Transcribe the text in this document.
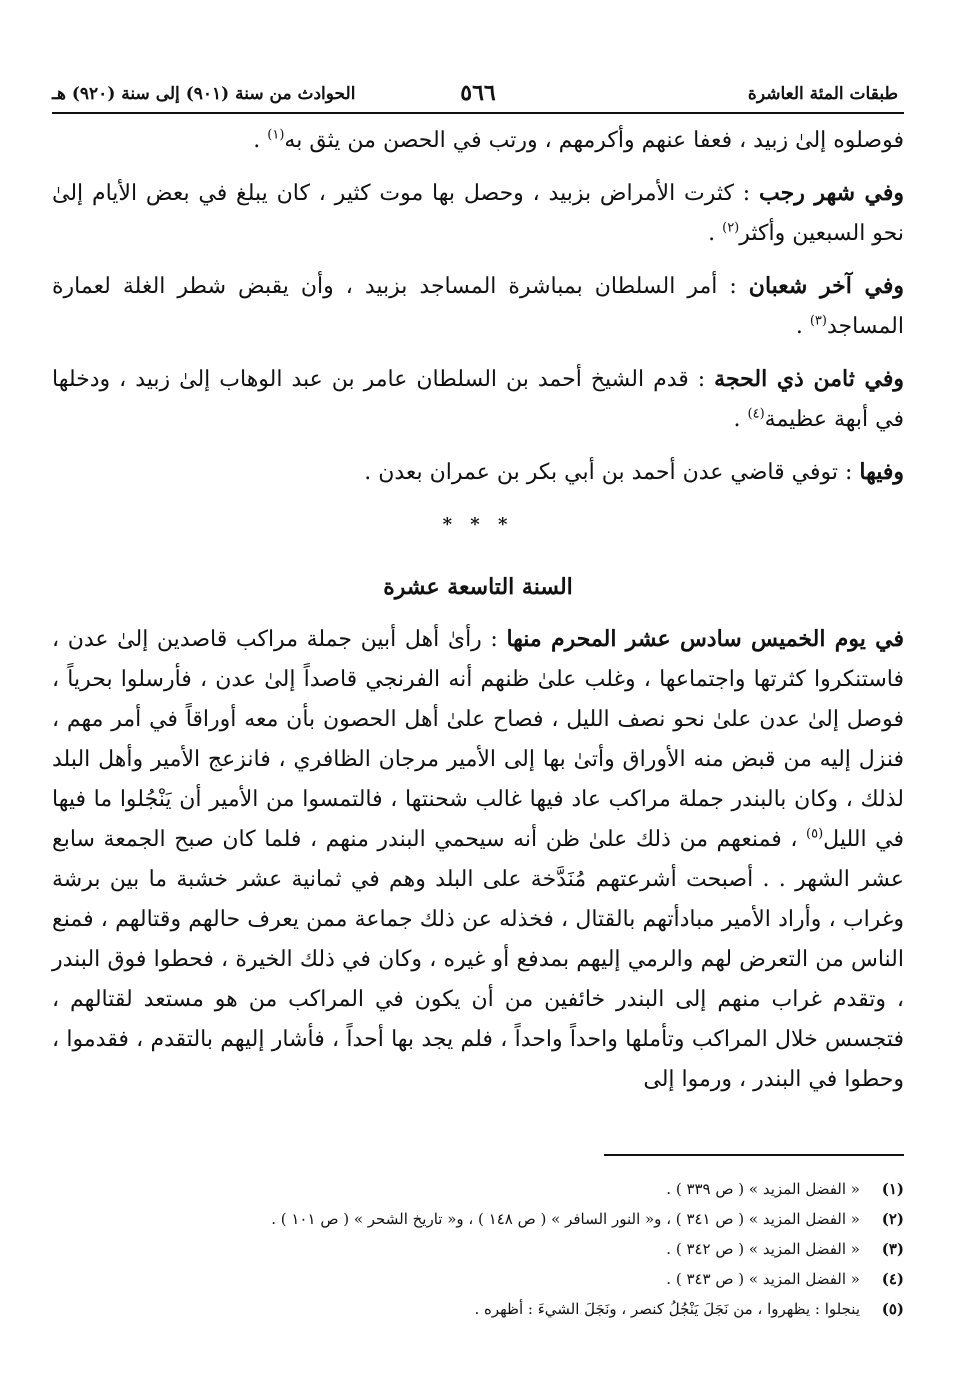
طبقات المئة العاشرة
٥٦٦
الحوادث من سنة (٩٠١) إلى سنة (٩٢٠) هـ

فوصلوه إلىٰ زبيد ، فعفا عنهم وأكرمهم ، ورتب في الحصن من يثق به$^{(١)}$ .

وفي شهر رجب : كثرت الأمراض بزبيد ، وحصل بها موت كثير ، كان يبلغ في بعض الأيام إلىٰ نحو السبعين وأكثر$^{(٢)}$ .

وفي آخر شعبان : أمر السلطان بمباشرة المساجد بزبيد ، وأن يقبض شطر الغلة لعمارة المساجد$^{(٣)}$ .

وفي ثامن ذي الحجة : قدم الشيخ أحمد بن السلطان عامر بن عبد الوهاب إلىٰ زبيد ، ودخلها في أبهة عظيمة$^{(٤)}$ .

وفيها : توفي قاضي عدن أحمد بن أبي بكر بن عمران بعدن .

* * *
السنة التاسعة عشرة

في يوم الخميس سادس عشر المحرم منها : رأىٰ أهل أبين جملة مراكب قاصدين إلىٰ عدن ، فاستنكروا كثرتها واجتماعها ، وغلب علىٰ ظنهم أنه الفرنجي قاصداً إلىٰ عدن ، فأرسلوا بحرياً ، فوصل إلىٰ عدن علىٰ نحو نصف الليل ، فصاح علىٰ أهل الحصون بأن معه أوراقاً في أمر مهم ، فنزل إليه من قبض منه الأوراق وأتىٰ بها إلى الأمير مرجان الظافري ، فانزعج الأمير وأهل البلد لذلك ، وكان بالبندر جملة مراكب عاد فيها غالب شحنتها ، فالتمسوا من الأمير أن يَنْجُلوا ما فيها في الليل$^{(٥)}$ ، فمنعهم من ذلك علىٰ ظن أنه سيحمي البندر منهم ، فلما كان صبح الجمعة سابع عشر الشهر . . أصبحت أشرعتهم مُنَدَّخة على البلد وهم في ثمانية عشر خشبة ما بين برشة وغراب ، وأراد الأمير مبادأتهم بالقتال ، فخذله عن ذلك جماعة ممن يعرف حالهم وقتالهم ، فمنع الناس من التعرض لهم والرمي إليهم بمدفع أو غيره ، وكان في ذلك الخيرة ، فحطوا فوق البندر ، وتقدم غراب منهم إلى البندر خائفين من أن يكون في المراكب من هو مستعد لقتالهم ، فتجسس خلال المراكب وتأملها واحداً واحداً ، فلم يجد بها أحداً ، فأشار إليهم بالتقدم ، فقدموا ، وحطوا في البندر ، ورموا إلى

(١)
« الفضل المزيد » ( ص ٣٣٩ ) .
(٢)
« الفضل المزيد » ( ص ٣٤١ ) ، و« النور السافر » ( ص ١٤٨ ) ، و« تاريخ الشحر » ( ص ١٠١ ) .
(٣)
« الفضل المزيد » ( ص ٣٤٢ ) .
(٤)
« الفضل المزيد » ( ص ٣٤٣ ) .
(٥)
ينجلوا : يظهروا ، من نَجَلَ يَنْجُلُ كنصر ، ونَجَلَ الشيءَ : أظهره .
